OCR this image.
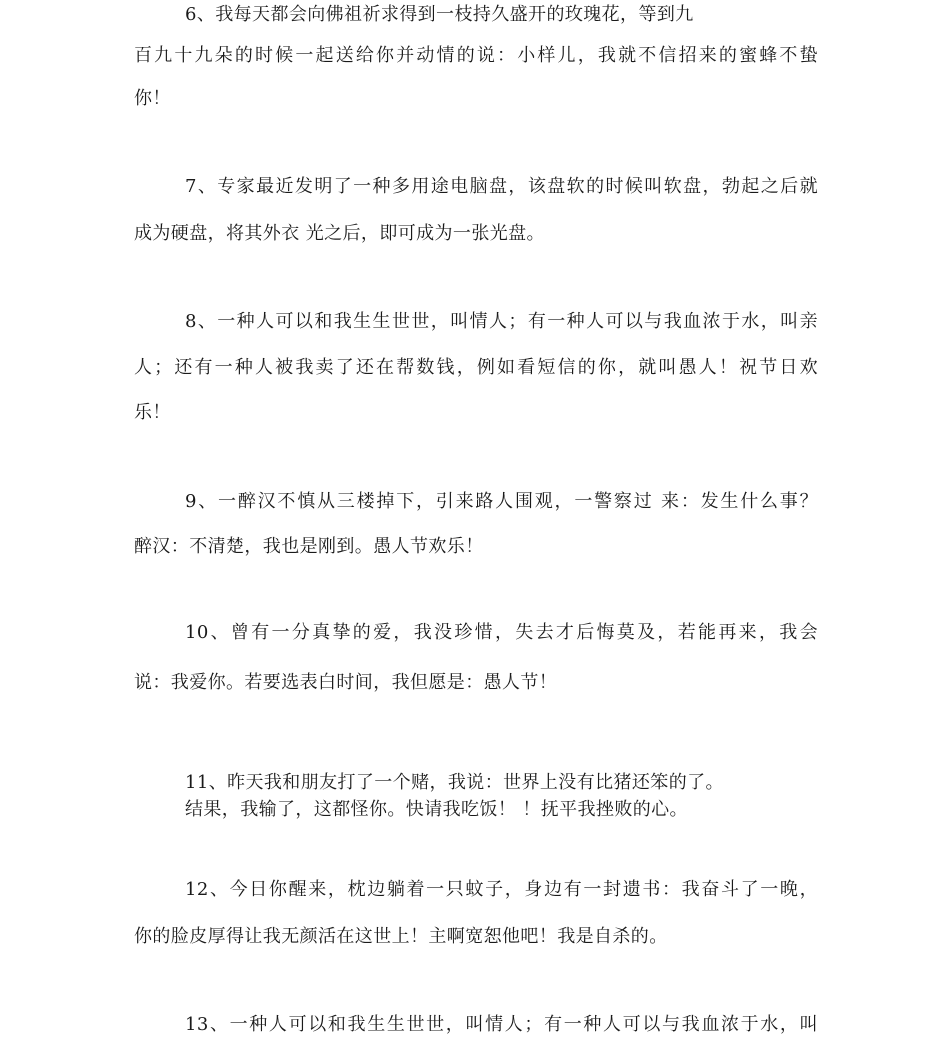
6、我每天都会向佛祖祈求得到一枝持久盛开的玫瑰花，等到九
百九十九朵的时候一起送给你并动情的说：小样儿，我就不信招来的蜜蜂不蛰
你！
7、专家最近发明了一种多用途电脑盘，该盘软的时候叫软盘，勃起之后就
成为硬盘，将其外衣 光之后，即可成为一张光盘。
8、一种人可以和我生生世世，叫情人；有一种人可以与我血浓于水，叫亲
人；还有一种人被我卖了还在帮数钱，例如看短信的你，就叫愚人！祝节日欢
乐！
9、一醉汉不慎从三楼掉下，引来路人围观，一警察过 来：发生什么事？
醉汉：不清楚，我也是刚到。愚人节欢乐！
10、曾有一分真挚的爱，我没珍惜，失去才后悔莫及，若能再来，我会
说：我爱你。若要选表白时间，我但愿是：愚人节！
11、昨天我和朋友打了一个赌，我说：世界上没有比猪还笨的了。
结果，我输了，这都怪你。快请我吃饭！ ！抚平我挫败的心。
12、今日你醒来，枕边躺着一只蚊子，身边有一封遗书：我奋斗了一晚，
你的脸皮厚得让我无颜活在这世上！主啊宽恕他吧！我是自杀的。
13、一种人可以和我生生世世，叫情人；有一种人可以与我血浓于水，叫
